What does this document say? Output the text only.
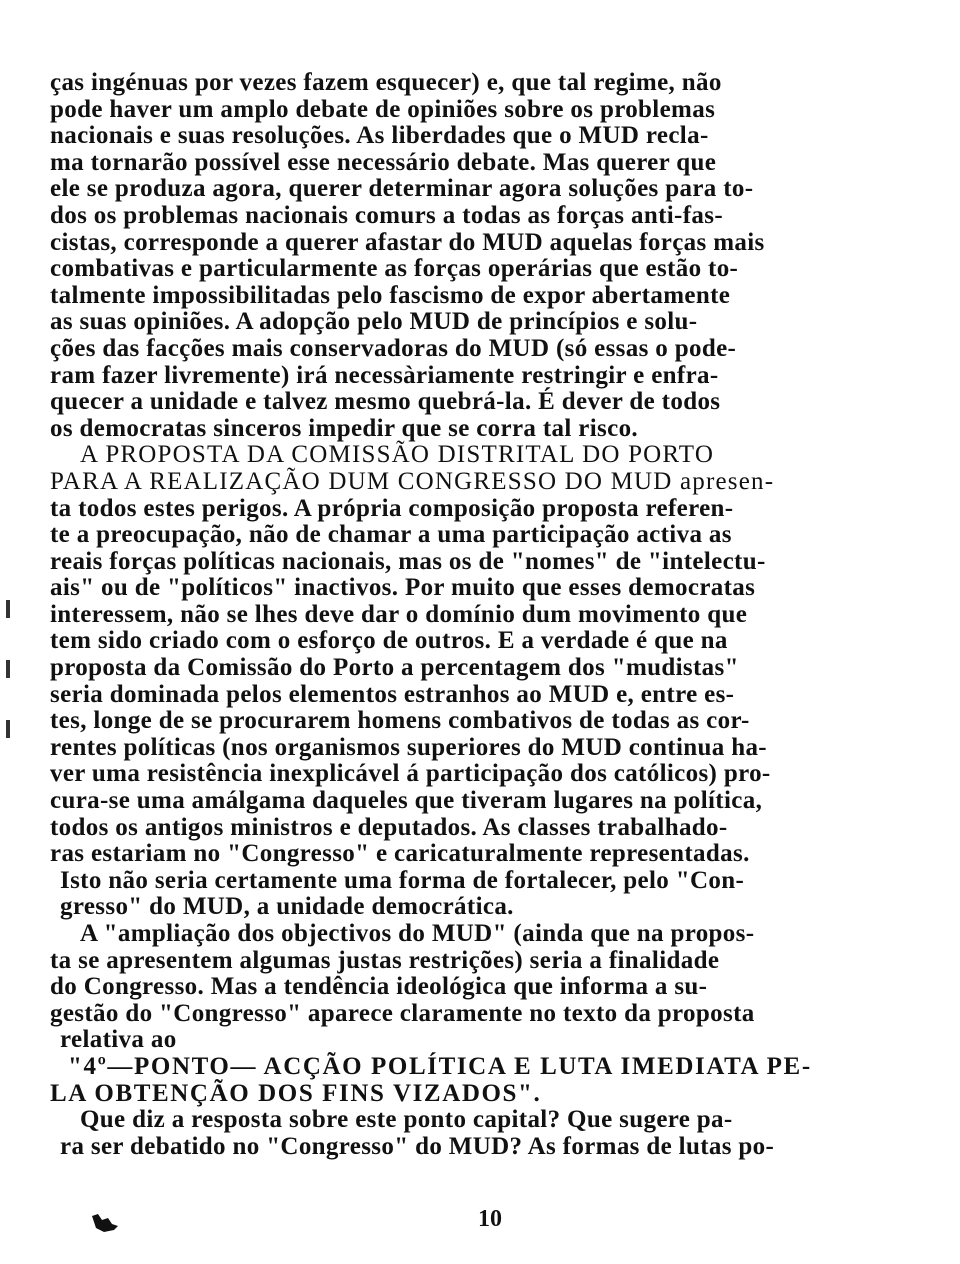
ças ingénuas por vezes fazem esquecer) e, que tal regime, não
pode haver um amplo debate de opiniões sobre os problemas
nacionais e suas resoluções. As liberdades que o MUD recla-
ma tornarão possível esse necessário debate. Mas querer que
ele se produza agora, querer determinar agora soluções para to-
dos os problemas nacionais comurs a todas as forças anti-fas-
cistas, corresponde a querer afastar do MUD aquelas forças mais
combativas e particularmente as forças operárias que estão to-
talmente impossibilitadas pelo fascismo de expor abertamente
as suas opiniões. A adopção pelo MUD de princípios e solu-
ções das facções mais conservadoras do MUD (só essas o pode-
ram fazer livremente) irá necessàriamente restringir e enfra-
quecer a unidade e talvez mesmo quebrá-la. É dever de todos
os democratas sinceros impedir que se corra tal risco.
A PROPOSTA DA COMISSÃO DISTRITAL DO PORTO
PARA A REALIZAÇÃO DUM CONGRESSO DO MUD apresen-
ta todos estes perigos. A própria composição proposta referen-
te a preocupação, não de chamar a uma participação activa as
reais forças políticas nacionais, mas os de "nomes" de "intelectu-
ais" ou de "políticos" inactivos. Por muito que esses democratas
interessem, não se lhes deve dar o domínio dum movimento que
tem sido criado com o esforço de outros. E a verdade é que na
proposta da Comissão do Porto a percentagem dos "mudistas"
seria dominada pelos elementos estranhos ao MUD e, entre es-
tes, longe de se procurarem homens combativos de todas as cor-
rentes políticas (nos organismos superiores do MUD continua ha-
ver uma resistência inexplicável á participação dos católicos) pro-
cura-se uma amálgama daqueles que tiveram lugares na política,
todos os antigos ministros e deputados. As classes trabalhado-
ras estariam no "Congresso" e caricaturalmente representadas.
Isto não seria certamente uma forma de fortalecer, pelo "Con-
gresso" do MUD, a unidade democrática.
A "ampliação dos objectivos do MUD" (ainda que na propos-
ta se apresentem algumas justas restrições) seria a finalidade
do Congresso. Mas a tendência ideológica que informa a su-
gestão do "Congresso" aparece claramente no texto da proposta
relativa ao
"4º—PONTO— ACÇÃO POLÍTICA E LUTA IMEDIATA PE-
LA OBTENÇÃO DOS FINS VIZADOS".
Que diz a resposta sobre este ponto capital? Que sugere pa-
ra ser debatido no "Congresso" do MUD? As formas de lutas po-
10
